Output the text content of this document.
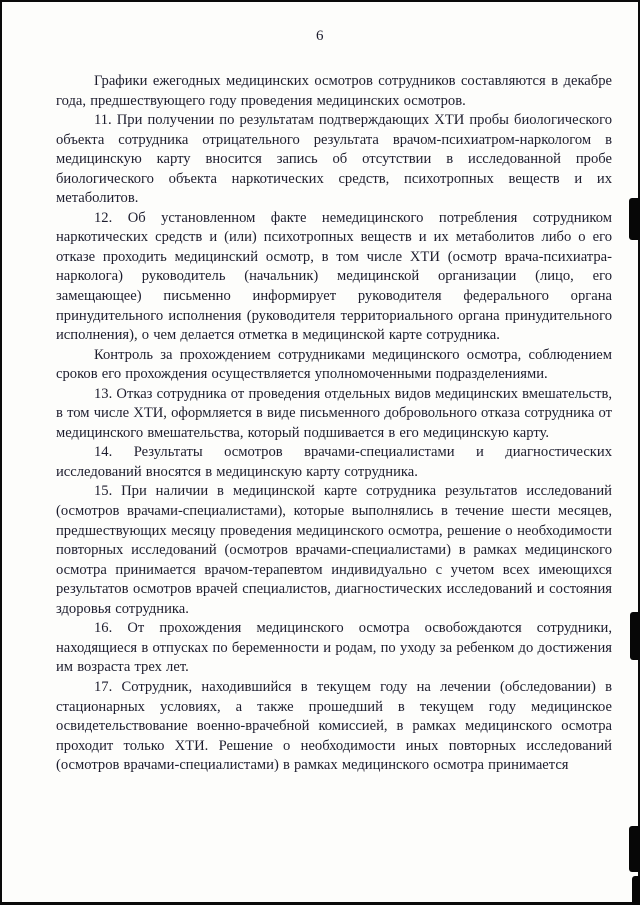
6

Графики ежегодных медицинских осмотров сотрудников составляются в декабре года, предшествующего году проведения медицинских осмотров.

11. При получении по результатам подтверждающих ХТИ пробы биологического объекта сотрудника отрицательного результата врачом-психиатром-наркологом в медицинскую карту вносится запись об отсутствии в исследованной пробе биологического объекта наркотических средств, психотропных веществ и их метаболитов.

12. Об установленном факте немедицинского потребления сотрудником наркотических средств и (или) психотропных веществ и их метаболитов либо о его отказе проходить медицинский осмотр, в том числе ХТИ (осмотр врача-психиатра-нарколога) руководитель (начальник) медицинской организации (лицо, его замещающее) письменно информирует руководителя федерального органа принудительного исполнения (руководителя территориального органа принудительного исполнения), о чем делается отметка в медицинской карте сотрудника.

Контроль за прохождением сотрудниками медицинского осмотра, соблюдением сроков его прохождения осуществляется уполномоченными подразделениями.

13. Отказ сотрудника от проведения отдельных видов медицинских вмешательств, в том числе ХТИ, оформляется в виде письменного добровольного отказа сотрудника от медицинского вмешательства, который подшивается в его медицинскую карту.

14. Результаты осмотров врачами-специалистами и диагностических исследований вносятся в медицинскую карту сотрудника.

15. При наличии в медицинской карте сотрудника результатов исследований (осмотров врачами-специалистами), которые выполнялись в течение шести месяцев, предшествующих месяцу проведения медицинского осмотра, решение о необходимости повторных исследований (осмотров врачами-специалистами) в рамках медицинского осмотра принимается врачом-терапевтом индивидуально с учетом всех имеющихся результатов осмотров врачей специалистов, диагностических исследований и состояния здоровья сотрудника.

16. От прохождения медицинского осмотра освобождаются сотрудники, находящиеся в отпусках по беременности и родам, по уходу за ребенком до достижения им возраста трех лет.

17. Сотрудник, находившийся в текущем году на лечении (обследовании) в стационарных условиях, а также прошедший в текущем году медицинское освидетельствование военно-врачебной комиссией, в рамках медицинского осмотра проходит только ХТИ. Решение о необходимости иных повторных исследований (осмотров врачами-специалистами) в рамках медицинского осмотра принимается
